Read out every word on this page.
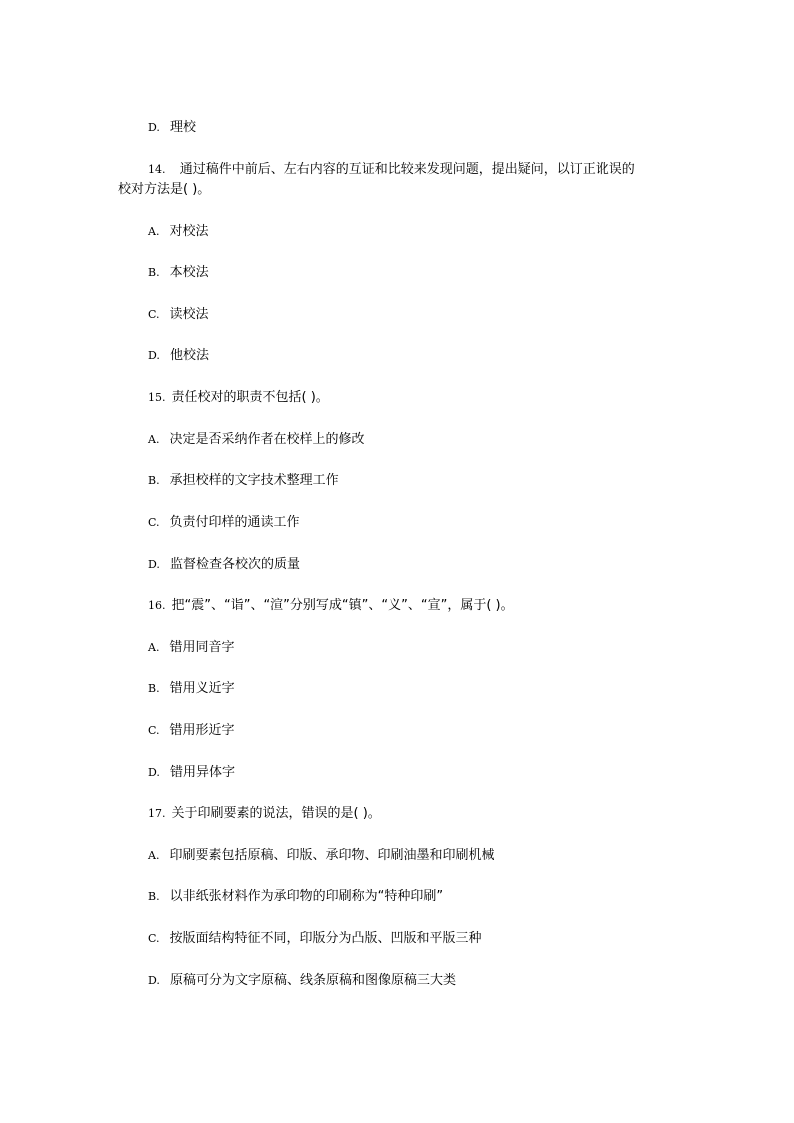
D. 理校
14. 通过稿件中前后、左右内容的互证和比较来发现问题，提出疑问，以订正讹误的
校对方法是( )。
A. 对校法
B. 本校法
C. 读校法
D. 他校法
15. 责任校对的职责不包括( )。
A. 决定是否采纳作者在校样上的修改
B. 承担校样的文字技术整理工作
C. 负责付印样的通读工作
D. 监督检查各校次的质量
16. 把“震”、“诣”、“渲”分别写成“镇”、“义”、“宣”，属于( )。
A. 错用同音字
B. 错用义近字
C. 错用形近字
D. 错用异体字
17. 关于印刷要素的说法，错误的是( )。
A. 印刷要素包括原稿、印版、承印物、印刷油墨和印刷机械
B. 以非纸张材料作为承印物的印刷称为“特种印刷”
C. 按版面结构特征不同，印版分为凸版、凹版和平版三种
D. 原稿可分为文字原稿、线条原稿和图像原稿三大类
